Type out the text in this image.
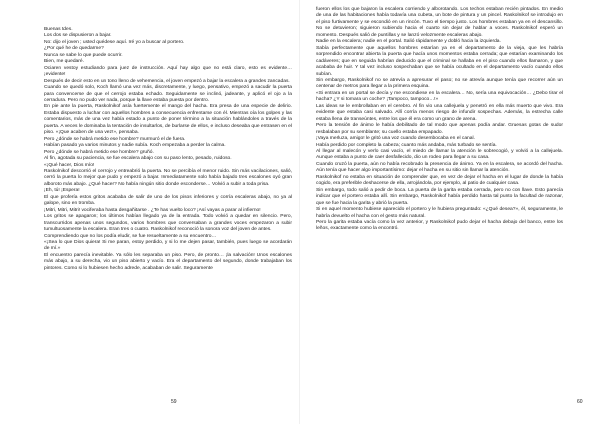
Buenas tdes.

Los dos se dispusieron a bajar.

No: dijo el joven ; usted quédese aquí. Iré yo a buscar al portero.

¿Por qué he de quedarme?

Nunca se sabe lo que puede ocurrir.

Bien, me quedaré.

Ociaren vestoy estudiando para juez de instrucción. Aquí hay algo que no está claro, esto es evidente… ¡evidente!

Después de decir esto en un tono lleno de vehemencia, el joven empezó a bajar la escalera a grandes zancadas.

Cuando se quedó solo, Koch llamó una vez más, discretamente, y luego, pensativo, empezó a sacudir la puerta para convencerse de que el cerrojo estaba echado. Seguidamente se inclinó, jadeante, y aplicó el ojo a la cerradura. Pero no pudo ver nada, porque la llave estaba puesta por dentro.

En pie ante la puerta, Raskolnikof asía fuertemente el mango del hacha. Era presa de una especie de delirio. Estaba dispuesto a luchar con aquellos hombres a consecuencia enfrentarse con él. Mientras oía los golpes y las comentarios, más de una vez había estado a punto de poner término a la situación hablándoles a través de la puerta. A veces le dominaba la tentación de insultarlos, de burlarse de ellos, e incluso deseaba que entrasen en el piso. «¡Que acaben de una vez!», pensaba.

Pero ¿dónde se habrá metido ese hombre? murmuró el de fuera.

Habían pasado ya varios minutos y nadie subía. Koch empezaba a perder la calma.

Pero ¿dónde se habrá metido ese hombre? gruñó.

Al fin, agotada su paciencia, se fue escalera abajo con su paso lento, pesado, ruidoso.

«¡Qué hacer, Dios mío!

Raskolnikof descorrió el cerrojo y entreabrió la puerta. No se percibía el menor ruido. Sin más vacilaciones, salió, cerró la puerta lo mejor que pudo y empezó a bajar. Inmediatamente solo había bajado tres escalones oyó gran alboroto más abajo. ¿Qué hacer? No había ningún sitio donde esconderse… Volvió a subir a toda prisa.

¡Eh, tú! ¡Espera!

El que profería estos gritos acababa de salir de uno de los pisos inferiores y corría escaleras abajo, no ya al galope, sino en tromba.

¡Mitri, Mitri, Mitri! vociferaba hasta desgañitarse . ¿Te has vuelto loco? ¡Así vayas a parar al infierno!

Los gritos se apagaron; los últimos habían llegado ya de la entrada. Todo volvió a quedar en silencio. Pero, transcurridos apenas unos segundos, varios hombres que conversaban a grandes voces empezaron a subir tumultuosamente la escalera. Eran tres o cuatro. Raskolnikof reconoció la sonora voz del joven de antes.

Comprendiendo que no los podía eludir, se fue resueltamente a su encuentro…

«¡Sea lo que Dios quiera! Si me paran, estoy perdido, y si lo me dejen pasar, también, pues luego se acordarán de mí.»

El encuentro parecía inevitable. Ya sólo les separaba un piso. Pero, de pronto… ¡la salvación! Unos escalones más abajo, a su derecha, vio un piso abierto y vacío. Era el departamento del segundo, donde trabajaban los pintores. Como si lo hubiesen hecho adrede, acababan de salir. Seguramente

59

fueron ellos los que bajaron la escalera corriendo y alborotando. Los techos estaban recién pintados. En medio de una de las habitaciones había todavía una cubeta, un bote de pintura y un pincel. Raskolnikof se introdujo en el piso furtivamente y se escondió en un rincón. Tuvo el tiempo justo. Los hombres estaban ya en el descansillo. No se detuvieron; siguieron subiendo hacia el cuarto sin dejar de hablar a voces. Raskolnikof esperó un momento. Después salió de puntillas y se lanzó velozmente escaleras abajo.

Nadie en la escalera; nadie en el portal. Salió rápidamente y dobló hacia la izquierda.

Sabía perfectamente que aquellos hombres estarían ya en el departamento de la vieja, que les habría sorprendido encontrar abierta la puerta que hacía unos momentos estaba cerrada; que estarían examinando los cadáveres; que en seguida habrían deducido que el criminal se hallaba en el piso cuando ellos llamaron, y que acababa de huir. Y tal vez incluso sospechaban que se había ocultado en el departamento vacío cuando ellos subían.

Sin embargo, Raskolnikof no se atrevía a apresurar el paso; no se atrevía aunque tenía que recorrer aún un centenar de metros para llegar a la primera esquina.

«Si entrara en un portal se decía y me escondiese en la escalera… No, sería una equivocación… ¿Debo tirar el hacha? ¿Y si tomara un coche? ¡Tampoco, tampoco…!»

Las ideas se le embrollaban en el cerebro. Al fin vio una callejuela y penetró en ella más muerto que vivo. Era evidente que estaba casi salvado. Allí corría menos riesgo de infundir sospechas. Además, la estrecha calle estaba llena de transeúntes, entre los que él era como un grano de arena.

Pero la tensión de ánimo le había debilitado de tal modo que apenas podía andar. Gruesas gotas de sudor resbalaban por su semblante; su cuello estaba empapado.

¡Vaya merluza, amigo! le gritó una voz cuando desembocaba en el canal.

Había perdido por completo la cabeza; cuanto más andaba, más turbado se sentía.

Al llegar al malecón y verlo casi vacío, el miedo de llamar la atención le sobrecogió, y volvió a la callejuela. Aunque estaba a punto de caer desfallecido, dio un rodeo para llegar a su casa.

Cuando cruzó la puerta, aún no había recobrado la presencia de ánimo. Ya en la escalera, se acordó del hacha. Aún tenía que hacer algo importantísimo: dejar el hacha en su sitio sin llamar la atención.

Raskolnikof no estaba en situación de comprender que, en vez de dejar el hacha en el lugar de donde la había cogido, era preferible deshacerse de ella, arrojándola, por ejemplo, al patio de cualquier casa.

Sin embargo, todo salió a pedir de boca. La puerta de la garita estaba cerrada, pero no con llave. Esto parecía indicar que el portero estaba allí. Sin embargo, Raskolnikof había perdido hasta tal punto la facultad de razonar, que se fue hacia la garita y abrió la puerta.

Si en aquel momento hubiese aparecido el portero y le hubiera preguntado: «¿Qué desea?», él, seguramente, le habría devuelto el hacha con el gesto más natural.

Pero la garita estaba vacía como la vez anterior, y Raskolnikof pudo dejar el hacha debajo del banco, entre los leños, exactamente como la encontró.

60
